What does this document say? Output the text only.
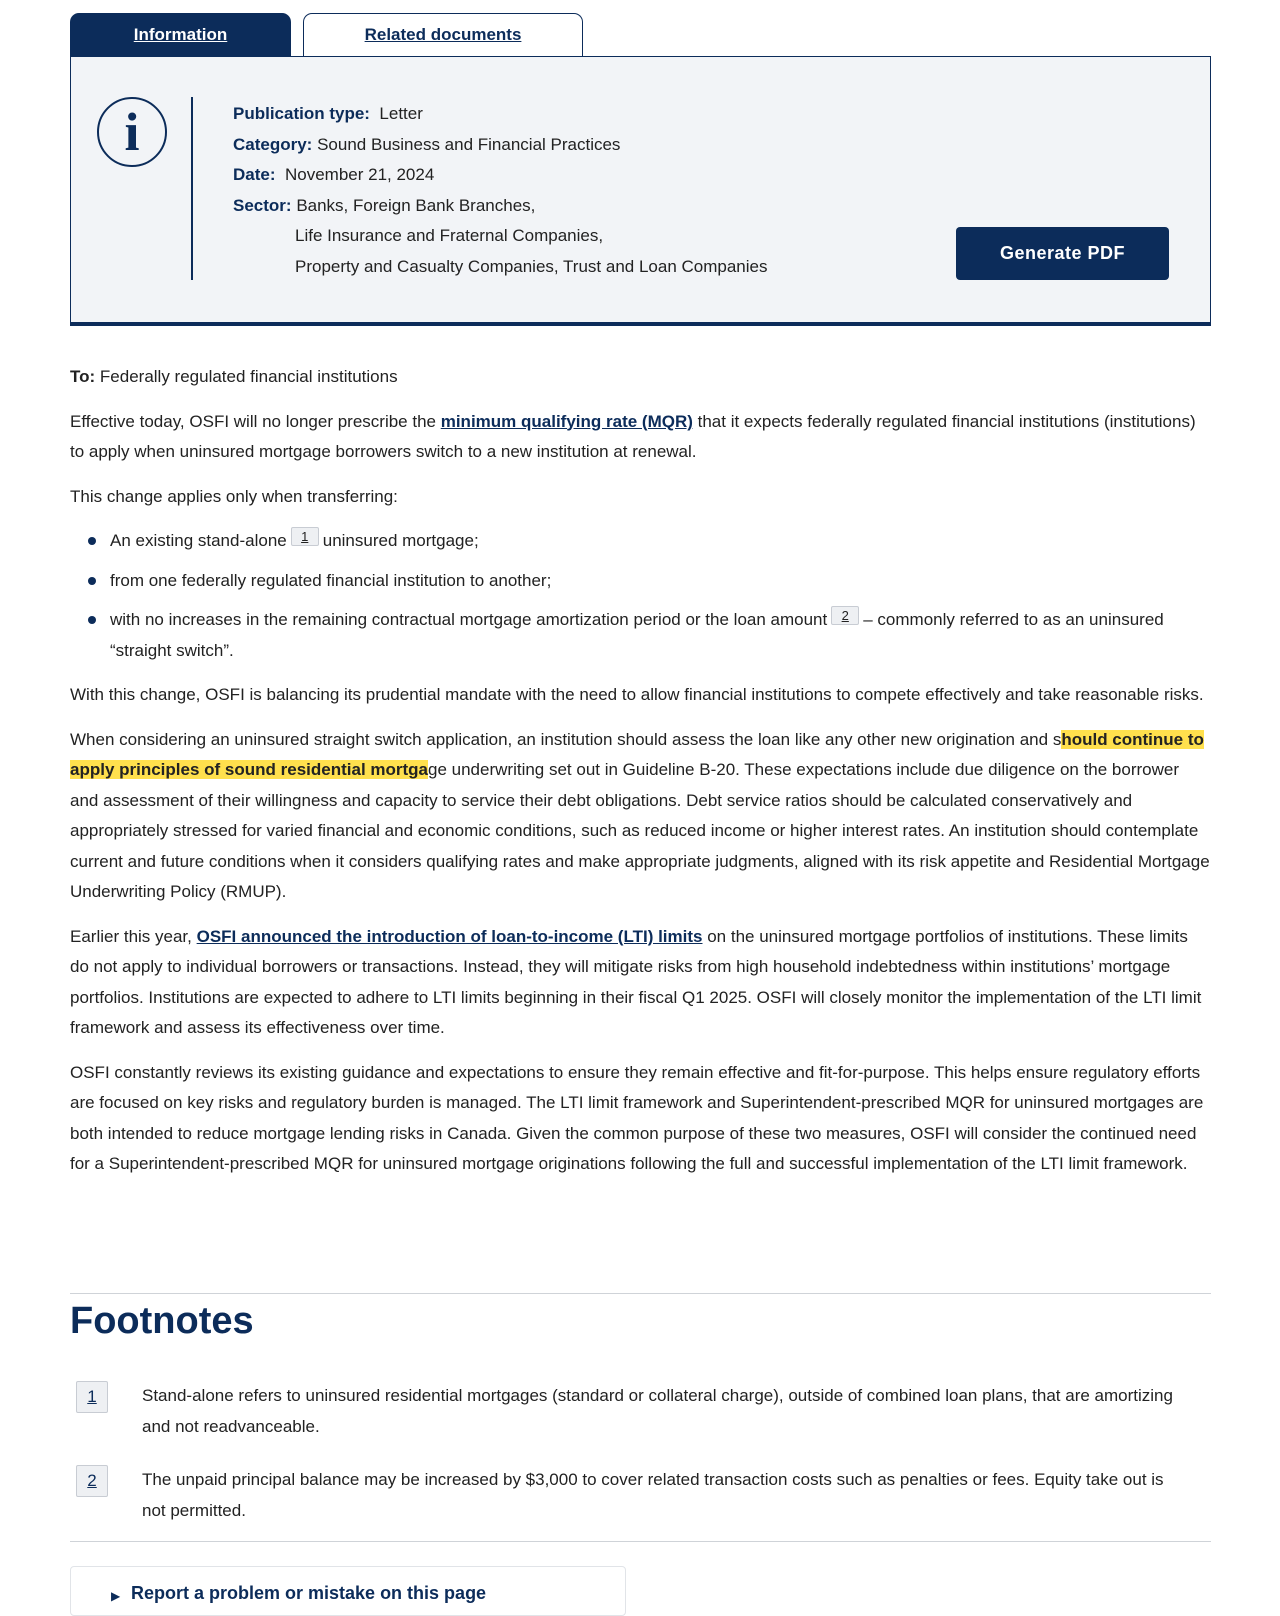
Information	Related documents
i	Publication type: Letter
Category: Sound Business and Financial Practices
Date: November 21, 2024
Sector: Banks, Foreign Bank Branches,
Life Insurance and Fraternal Companies,
Property and Casualty Companies, Trust and Loan Companies
Generate PDF

To: Federally regulated financial institutions

Effective today, OSFI will no longer prescribe the minimum qualifying rate (MQR) that it expects federally regulated financial institutions (institutions) to apply when uninsured mortgage borrowers switch to a new institution at renewal.

This change applies only when transferring:

An existing stand-alone 1 uninsured mortgage;
from one federally regulated financial institution to another;
with no increases in the remaining contractual mortgage amortization period or the loan amount 2 – commonly referred to as an uninsured “straight switch”.

With this change, OSFI is balancing its prudential mandate with the need to allow financial institutions to compete effectively and take reasonable risks.

When considering an uninsured straight switch application, an institution should assess the loan like any other new origination and should continue to apply principles of sound residential mortgage underwriting set out in Guideline B-20. These expectations include due diligence on the borrower and assessment of their willingness and capacity to service their debt obligations. Debt service ratios should be calculated conservatively and appropriately stressed for varied financial and economic conditions, such as reduced income or higher interest rates. An institution should contemplate current and future conditions when it considers qualifying rates and make appropriate judgments, aligned with its risk appetite and Residential Mortgage Underwriting Policy (RMUP).

Earlier this year, OSFI announced the introduction of loan-to-income (LTI) limits on the uninsured mortgage portfolios of institutions. These limits do not apply to individual borrowers or transactions. Instead, they will mitigate risks from high household indebtedness within institutions’ mortgage portfolios. Institutions are expected to adhere to LTI limits beginning in their fiscal Q1 2025. OSFI will closely monitor the implementation of the LTI limit framework and assess its effectiveness over time.

OSFI constantly reviews its existing guidance and expectations to ensure they remain effective and fit-for-purpose. This helps ensure regulatory efforts are focused on key risks and regulatory burden is managed. The LTI limit framework and Superintendent-prescribed MQR for uninsured mortgages are both intended to reduce mortgage lending risks in Canada. Given the common purpose of these two measures, OSFI will consider the continued need for a Superintendent-prescribed MQR for uninsured mortgage originations following the full and successful implementation of the LTI limit framework.

Footnotes
1	Stand-alone refers to uninsured residential mortgages (standard or collateral charge), outside of combined loan plans, that are amortizing and not readvanceable.
2	The unpaid principal balance may be increased by $3,000 to cover related transaction costs such as penalties or fees. Equity take out is not permitted.
▶ Report a problem or mistake on this page
